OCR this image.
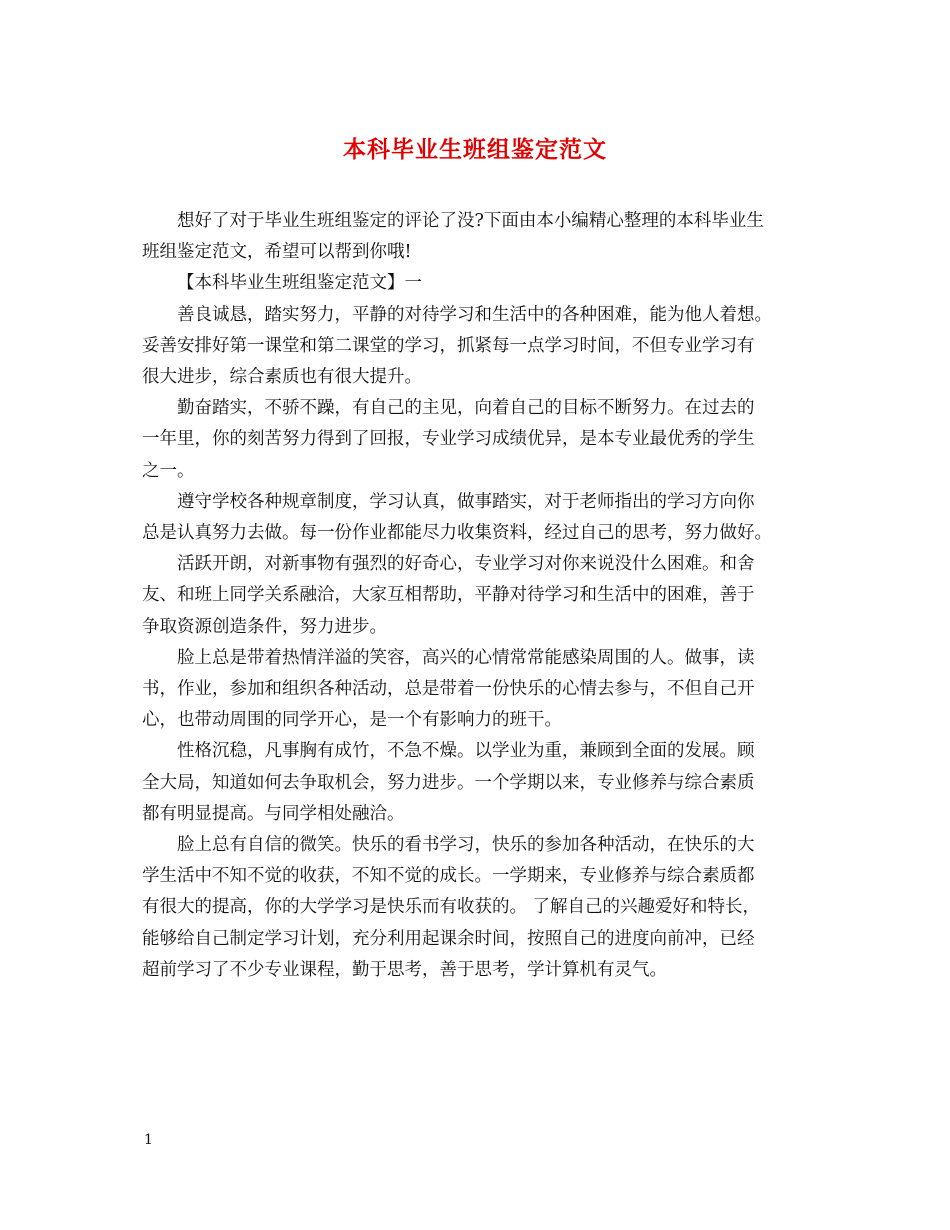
本科毕业生班组鉴定范文

想好了对于毕业生班组鉴定的评论了没?下面由本小编精心整理的本科毕业生
班组鉴定范文，希望可以帮到你哦!

【本科毕业生班组鉴定范文】一

善良诚恳，踏实努力，平静的对待学习和生活中的各种困难，能为他人着想。
妥善安排好第一课堂和第二课堂的学习，抓紧每一点学习时间，不但专业学习有
很大进步，综合素质也有很大提升。

勤奋踏实，不骄不躁，有自己的主见，向着自己的目标不断努力。在过去的
一年里，你的刻苦努力得到了回报，专业学习成绩优异，是本专业最优秀的学生
之一。

遵守学校各种规章制度，学习认真，做事踏实，对于老师指出的学习方向你
总是认真努力去做。每一份作业都能尽力收集资料，经过自己的思考，努力做好。

活跃开朗，对新事物有强烈的好奇心，专业学习对你来说没什么困难。和舍
友、和班上同学关系融洽，大家互相帮助，平静对待学习和生活中的困难，善于
争取资源创造条件，努力进步。

脸上总是带着热情洋溢的笑容，高兴的心情常常能感染周围的人。做事，读
书，作业，参加和组织各种活动，总是带着一份快乐的心情去参与，不但自己开
心，也带动周围的同学开心，是一个有影响力的班干。

性格沉稳，凡事胸有成竹，不急不燥。以学业为重，兼顾到全面的发展。顾
全大局，知道如何去争取机会，努力进步。一个学期以来，专业修养与综合素质
都有明显提高。与同学相处融洽。

脸上总有自信的微笑。快乐的看书学习，快乐的参加各种活动，在快乐的大
学生活中不知不觉的收获，不知不觉的成长。一学期来，专业修养与综合素质都
有很大的提高，你的大学学习是快乐而有收获的。 了解自己的兴趣爱好和特长，
能够给自己制定学习计划，充分利用起课余时间，按照自己的进度向前冲，已经
超前学习了不少专业课程，勤于思考，善于思考，学计算机有灵气。

1
